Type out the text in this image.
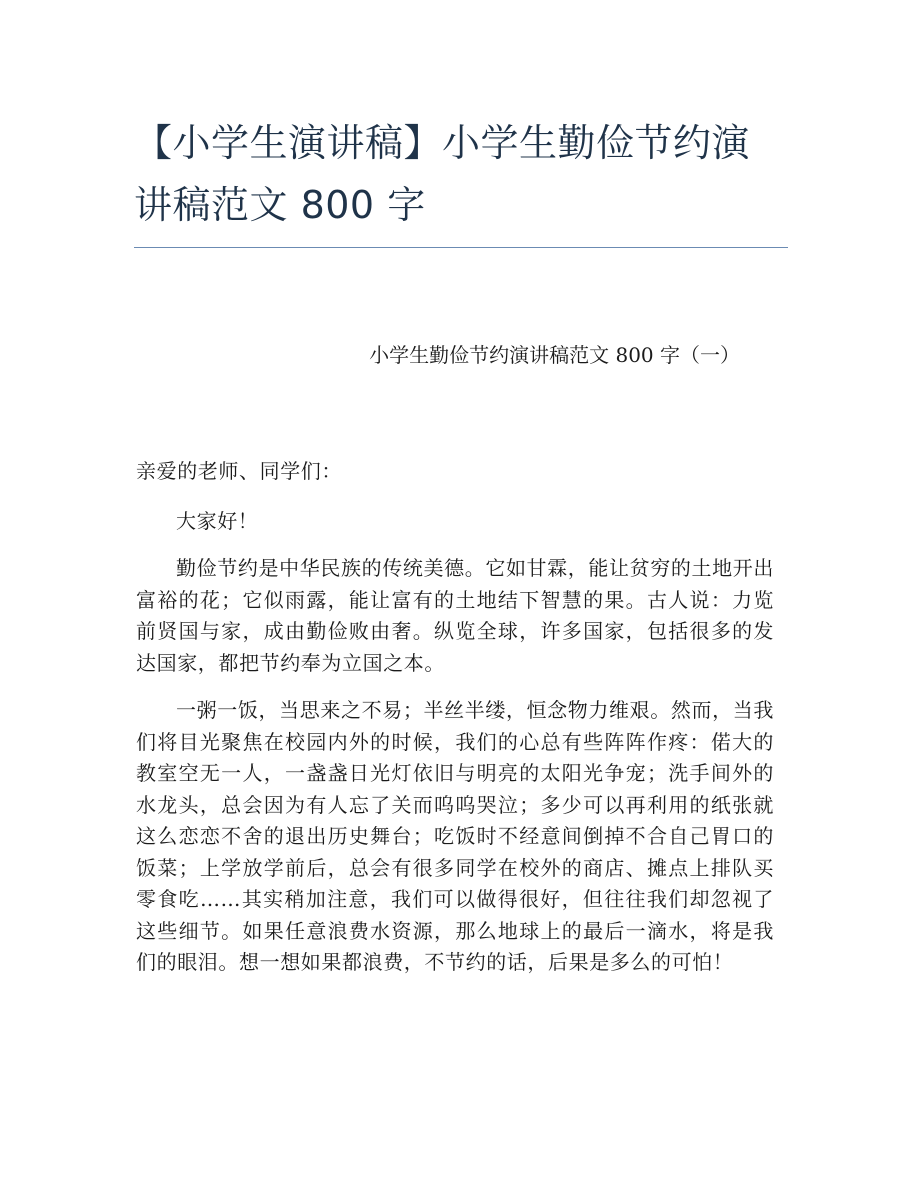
【小学生演讲稿】小学生勤俭节约演讲稿范文 800 字
小学生勤俭节约演讲稿范文 800 字（一）

亲爱的老师、同学们：

大家好！

勤俭节约是中华民族的传统美德。它如甘霖，能让贫穷的土地开出富裕的花；它似雨露，能让富有的土地结下智慧的果。古人说：力览前贤国与家，成由勤俭败由奢。纵览全球，许多国家，包括很多的发达国家，都把节约奉为立国之本。

一粥一饭，当思来之不易；半丝半缕，恒念物力维艰。然而，当我们将目光聚焦在校园内外的时候，我们的心总有些阵阵作疼：偌大的教室空无一人，一盏盏日光灯依旧与明亮的太阳光争宠；洗手间外的水龙头，总会因为有人忘了关而呜呜哭泣；多少可以再利用的纸张就这么恋恋不舍的退出历史舞台；吃饭时不经意间倒掉不合自己胃口的饭菜；上学放学前后，总会有很多同学在校外的商店、摊点上排队买零食吃……其实稍加注意，我们可以做得很好，但往往我们却忽视了这些细节。如果任意浪费水资源，那么地球上的最后一滴水，将是我们的眼泪。想一想如果都浪费，不节约的话，后果是多么的可怕！
